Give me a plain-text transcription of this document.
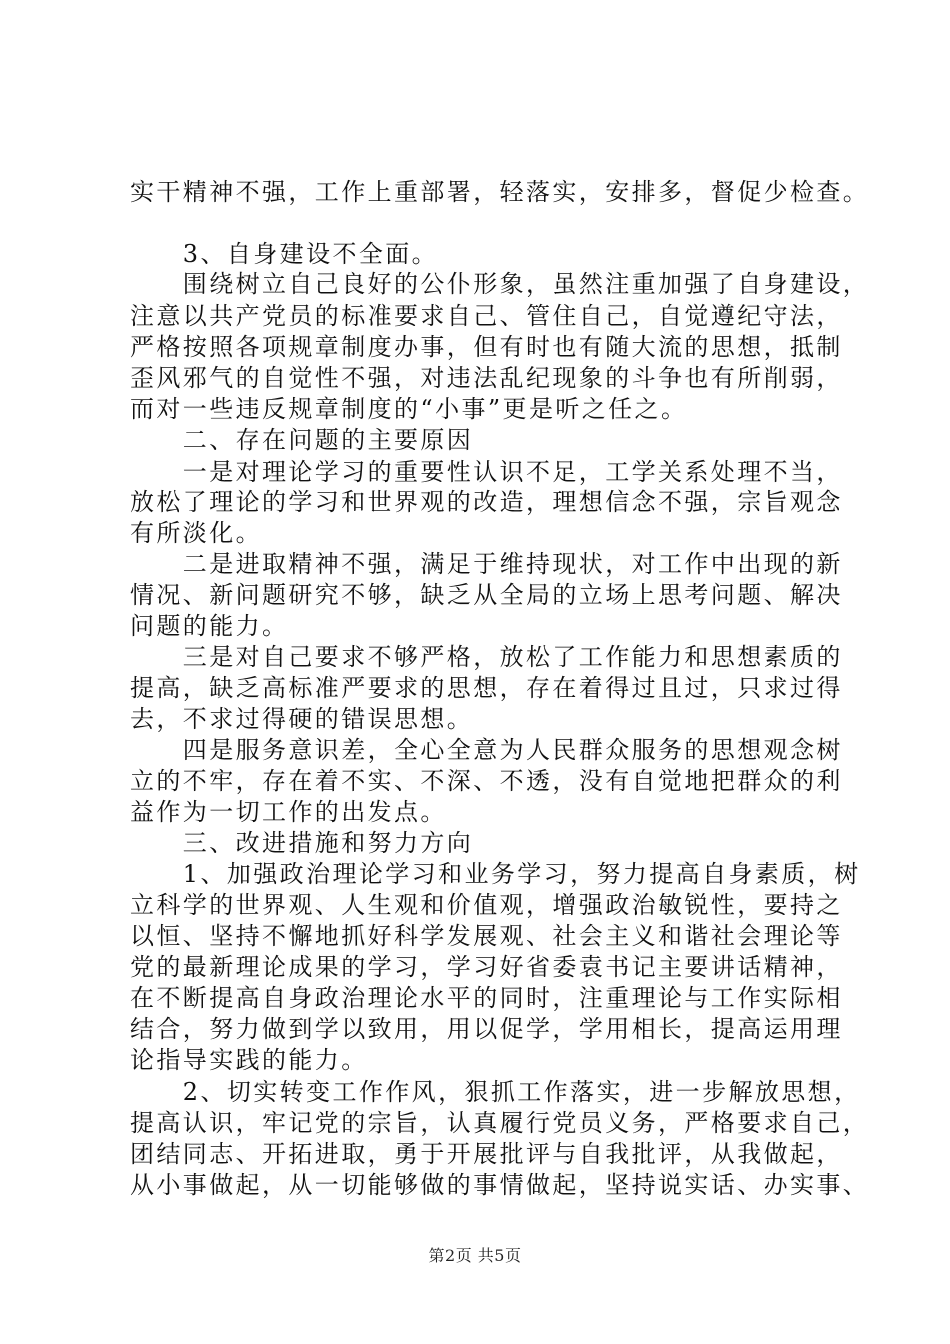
实干精神不强，工作上重部署，轻落实，安排多，督促少检查。
　　3、自身建设不全面。
　　围绕树立自己良好的公仆形象，虽然注重加强了自身建设，
注意以共产党员的标准要求自己、管住自己，自觉遵纪守法，
严格按照各项规章制度办事，但有时也有随大流的思想，抵制
歪风邪气的自觉性不强，对违法乱纪现象的斗争也有所削弱，
而对一些违反规章制度的“小事”更是听之任之。
　　二、存在问题的主要原因
　　一是对理论学习的重要性认识不足，工学关系处理不当，
放松了理论的学习和世界观的改造，理想信念不强，宗旨观念
有所淡化。
　　二是进取精神不强，满足于维持现状，对工作中出现的新
情况、新问题研究不够，缺乏从全局的立场上思考问题、解决
问题的能力。
　　三是对自己要求不够严格，放松了工作能力和思想素质的
提高，缺乏高标准严要求的思想，存在着得过且过，只求过得
去，不求过得硬的错误思想。
　　四是服务意识差，全心全意为人民群众服务的思想观念树
立的不牢，存在着不实、不深、不透，没有自觉地把群众的利
益作为一切工作的出发点。
　　三、改进措施和努力方向
　　1、加强政治理论学习和业务学习，努力提高自身素质，树
立科学的世界观、人生观和价值观，增强政治敏锐性，要持之
以恒、坚持不懈地抓好科学发展观、社会主义和谐社会理论等
党的最新理论成果的学习，学习好省委袁书记主要讲话精神，
在不断提高自身政治理论水平的同时，注重理论与工作实际相
结合，努力做到学以致用，用以促学，学用相长，提高运用理
论指导实践的能力。
　　2、切实转变工作作风，狠抓工作落实，进一步解放思想，
提高认识，牢记党的宗旨，认真履行党员义务，严格要求自己，
团结同志、开拓进取，勇于开展批评与自我批评，从我做起，
从小事做起，从一切能够做的事情做起，坚持说实话、办实事、
第2页 共5页
